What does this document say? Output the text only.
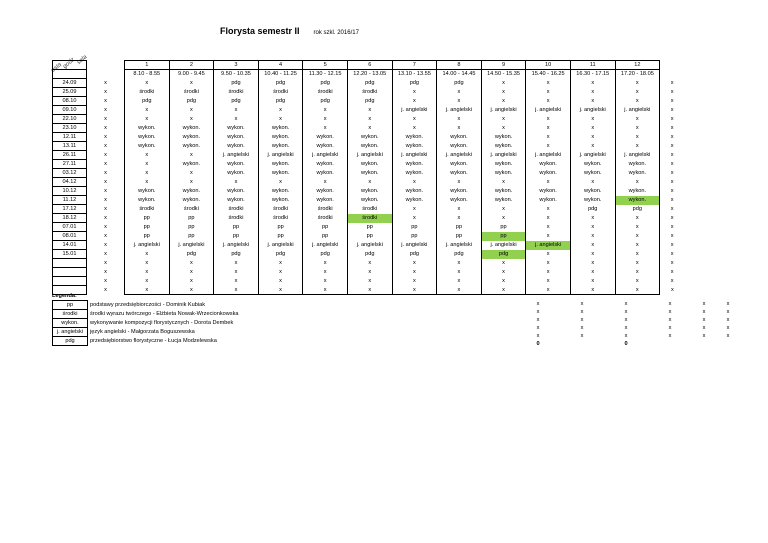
Florysta semestr II rok szkl. 2016/17
data godz sala
			1	2	3	4	5	6	7	8	9	10	11	12	
		8.10 - 8.55	9.00 - 9.45	9.50 - 10.35	10.40 - 11.25	11.30 - 12.15	12.20 - 13.05	13.10 - 13.55	14.00 - 14.45	14.50 - 15.35	15.40 - 16.25	16.30 - 17.15	17.20 - 18.05	
24.09	x	x	x	pdg	pdg	pdg	pdg	pdg	pdg	x	x	x	x	x
25.09	x	środki	środki	środki	środki	środki	środki	x	x	x	x	x	x	x
08.10	x	pdg	pdg	pdg	pdg	pdg	pdg	x	x	x	x	x	x	x
09.10	x	x	x	x	x	x	x	j. angielski	j. angielski	j. angielski	j. angielski	j. angielski	j. angielski	x
22.10	x	x	x	x	x	x	x	x	x	x	x	x	x	x
23.10	x	wykon.	wykon.	wykon.	wykon.	x	x	x	x	x	x	x	x	x
12.11	x	wykon.	wykon.	wykon.	wykon.	wykon.	wykon.	wykon.	wykon.	wykon.	x	x	x	x
13.11	x	wykon.	wykon.	wykon.	wykon.	wykon.	wykon.	wykon.	wykon.	wykon.	x	x	x	x
26.11	x	x	x	j. angielski	j. angielski	j. angielski	j. angielski	j. angielski	j. angielski	j. angielski	j. angielski	j. angielski	j. angielski	x
27.11	x	x	wykon.	wykon.	wykon.	wykon.	wykon.	wykon.	wykon.	wykon.	wykon.	wykon.	wykon.	x
03.12	x	x	x	wykon.	wykon.	wykon.	wykon.	wykon.	wykon.	wykon.	wykon.	wykon.	wykon.	x
04.12	x	x	x	x	x	x	x	x	x	x	x	x	x	x
10.12	x	wykon.	wykon.	wykon.	wykon.	wykon.	wykon.	wykon.	wykon.	wykon.	wykon.	wykon.	wykon.	x
11.12	x	wykon.	wykon.	wykon.	wykon.	wykon.	wykon.	wykon.	wykon.	wykon.	wykon.	wykon.	wykon.	x
17.12	x	środki	środki	środki	środki	środki	środki	x	x	x	x	pdg	pdg	x
18.12	x	pp	pp	środki	środki	środki	środki	x	x	x	x	x	x	x
07.01	x	pp	pp	pp	pp	pp	pp	pp	pp	pp	x	x	x	x
08.01	x	pp	pp	pp	pp	pp	pp	pp	pp	pp	x	x	x	x
14.01	x	j. angielski	j. angielski	j. angielski	j. angielski	j. angielski	j. angielski	j. angielski	j. angielski	j. angielski	j. angielski	x	x	x
15.01	x	x	pdg	pdg	pdg	pdg	pdg	pdg	pdg	pdg	x	x	x	x
	x	x	x	x	x	x	x	x	x	x	x	x	x	x
	x	x	x	x	x	x	x	x	x	x	x	x	x	x
	x	x	x	x	x	x	x	x	x	x	x	x	x	x
	x	x	x	x	x	x	x	x	x	x	x	x	x	x
Legenda:
pp	podstawy przedsiębiorczości - Dominik Kubiak
środki	środki wyrazu twórczego - Elżbieta Nowak-Wrzecionkowska
wykon.	wykonywanie kompozycji florystycznych - Dorota Dembek
j. angielski	język angielski - Małgorzata Boguszewska
pdg	przedsiębiorstwo florystyczne - Łucja Modzelewska
x	x	x	x	x	x
x	x	x	x	x	x
x	x	x	x	x	x
x	x	x	x	x	x
x	x	x	x	x	x
0		0			
